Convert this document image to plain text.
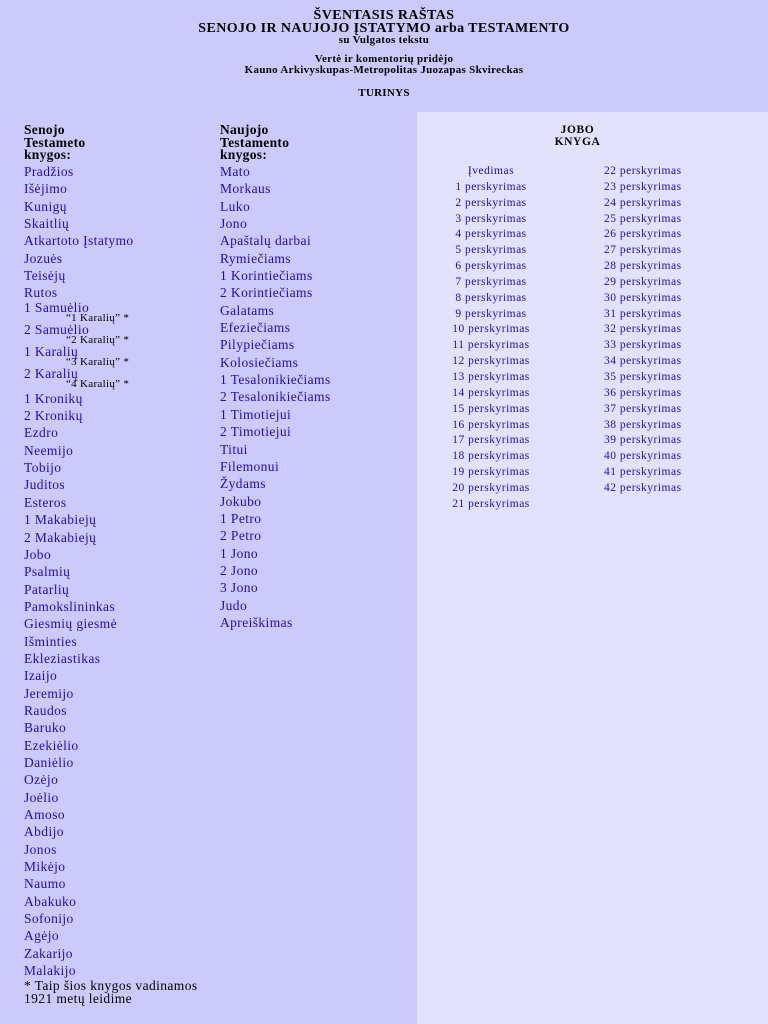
ŠVENTASIS RAŠTAS
SENOJO IR NAUJOJO ĮSTATYMO arba TESTAMENTO
su Vulgatos tekstu
Vertė ir komentorių pridėjo
Kauno Arkivyskupas-Metropolitas Juozapas Skvireckas
TURINYS
Senojo
Testameto
knygos:
Pradžios
Išėjimo
Kunigų
Skaitlių
Atkartoto Įstatymo
Jozuės
Teisėjų
Rutos
1 Samuėlio
“1 Karalių” *
2 Samuėlio
“2 Karalių” *
1 Karalių
“3 Karalių” *
2 Karalių
“4 Karalių” *
1 Kronikų
2 Kronikų
Ezdro
Neemijo
Tobijo
Juditos
Esteros
1 Makabiejų
2 Makabiejų
Jobo
Psalmių
Patarlių
Pamokslininkas
Giesmių giesmė
Išminties
Ekleziastikas
Izaijo
Jeremijo
Raudos
Baruko
Ezekiėlio
Daniėlio
Ozėjo
Joėlio
Amoso
Abdijo
Jonos
Mikėjo
Naumo
Abakuko
Sofonijo
Agėjo
Zakarijo
Malakijo
Naujojo
Testamento
knygos:
Mato
Morkaus
Luko
Jono
Apaštalų darbai
Rymiečiams
1 Korintiečiams
2 Korintiečiams
Galatams
Efeziečiams
Pilypiečiams
Kolosiečiams
1 Tesalonikiečiams
2 Tesalonikiečiams
1 Timotiejui
2 Timotiejui
Titui
Filemonui
Žydams
Jokubo
1 Petro
2 Petro
1 Jono
2 Jono
3 Jono
Judo
Apreiškimas
* Taip šios knygos vadinamos
1921 metų leidime
JOBO
KNYGA
Įvedimas
1 perskyrimas
2 perskyrimas
3 perskyrimas
4 perskyrimas
5 perskyrimas
6 perskyrimas
7 perskyrimas
8 perskyrimas
9 perskyrimas
10 perskyrimas
11 perskyrimas
12 perskyrimas
13 perskyrimas
14 perskyrimas
15 perskyrimas
16 perskyrimas
17 perskyrimas
18 perskyrimas
19 perskyrimas
20 perskyrimas
21 perskyrimas
22 perskyrimas
23 perskyrimas
24 perskyrimas
25 perskyrimas
26 perskyrimas
27 perskyrimas
28 perskyrimas
29 perskyrimas
30 perskyrimas
31 perskyrimas
32 perskyrimas
33 perskyrimas
34 perskyrimas
35 perskyrimas
36 perskyrimas
37 perskyrimas
38 perskyrimas
39 perskyrimas
40 perskyrimas
41 perskyrimas
42 perskyrimas
